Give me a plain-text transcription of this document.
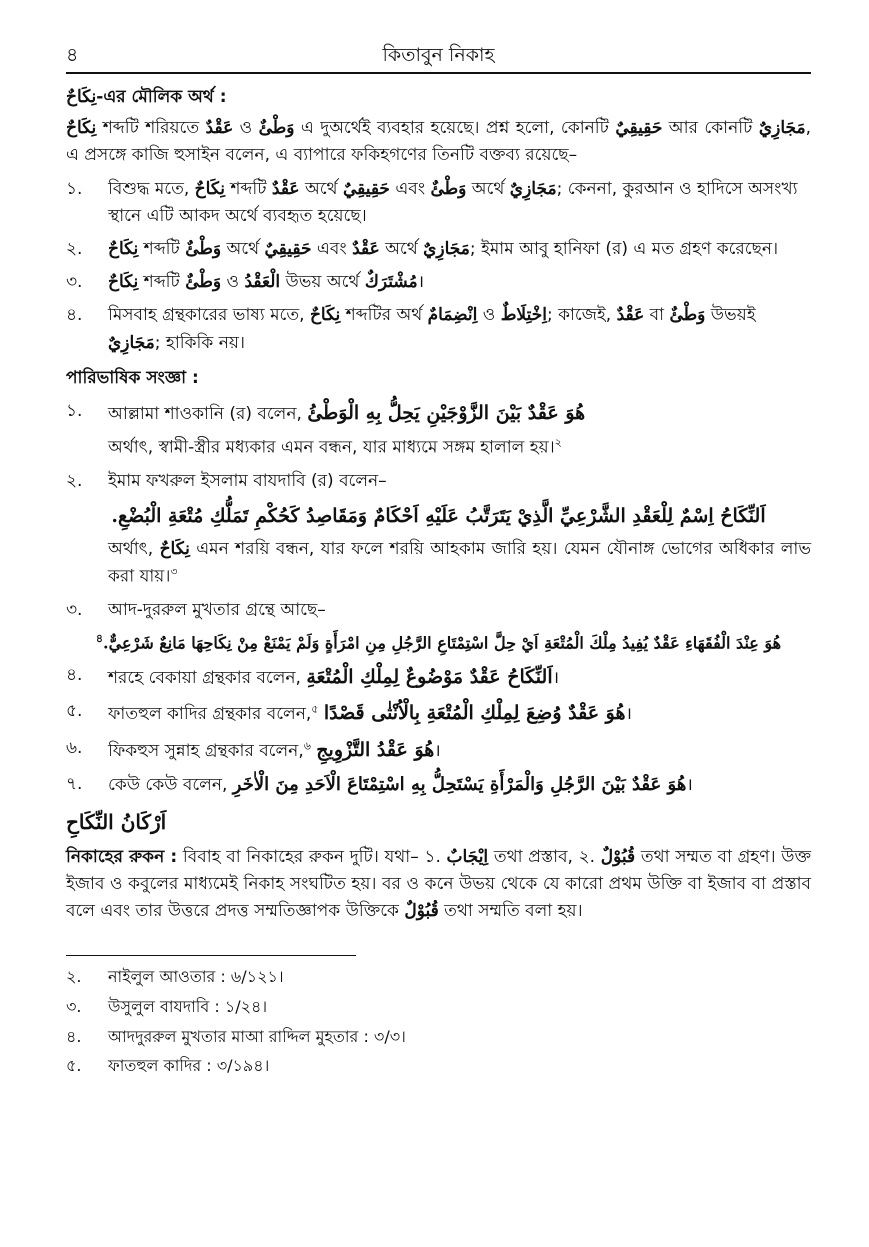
৪	কিতাবুন নিকাহ
نِكَاحٌ-এর মৌলিক অর্থ :

نِكَاحٌ শব্দটি শরিয়তে عَقْدٌ ও وَطْئٌ এ দুঅর্থেই ব্যবহার হয়েছে। প্রশ্ন হলো, কোনটি حَقِيقِيٌ আর কোনটি مَجَازِيٌ, এ প্রসঙ্গে কাজি হুসাইন বলেন, এ ব্যাপারে ফকিহগণের তিনটি বক্তব্য রয়েছে–

১.	বিশুদ্ধ মতে, نِكَاحٌ শব্দটি عَقْدٌ অর্থে حَقِيقِيٌ এবং وَطْئٌ অর্থে مَجَازِيٌ; কেননা, কুরআন ও হাদিসে অসংখ্য স্থানে এটি আকদ অর্থে ব্যবহৃত হয়েছে।
২.	نِكَاحٌ শব্দটি وَطْئٌ অর্থে حَقِيقِيٌ এবং عَقْدٌ অর্থে مَجَازِيٌ; ইমাম আবু হানিফা (র) এ মত গ্রহণ করেছেন।
৩.	نِكَاحٌ শব্দটি وَطْئٌ ও الْعَقْدُ উভয় অর্থে مُشْتَرَكٌ।
৪.	মিসবাহ গ্রন্থকারের ভাষ্য মতে, نِكَاحٌ শব্দটির অর্থ اِنْضِمَامٌ ও اِخْتِلَاطٌ; কাজেই, عَقْدٌ বা وَطْئٌ উভয়ই مَجَازِيٌ; হাকিকি নয়।
পারিভাষিক সংজ্ঞা :
১.	আল্লামা শাওকানি (র) বলেন, هُوَ عَقْدٌ بَيْنَ الزَّوْجَيْنِ يَحِلُّ بِهِ الْوَطْئُ
অর্থাৎ, স্বামী-স্ত্রীর মধ্যকার এমন বন্ধন, যার মাধ্যমে সঙ্গম হালাল হয়।$^২$
২.	ইমাম ফখরুল ইসলাম বাযদাবি (র) বলেন–
اَلنِّكَاحُ اِسْمٌ لِلْعَقْدِ الشَّرْعِيِّ الَّذِيْ يَتَرَتَّبُ عَلَيْهِ اَحْكَامٌ وَمَقَاصِدُ كَحُكْمِ تَمَلُّكِ مُتْعَةِ الْبُضْعِ.
অর্থাৎ, نِكَاحٌ এমন শরয়ি বন্ধন, যার ফলে শরয়ি আহকাম জারি হয়। যেমন যৌনাঙ্গ ভোগের অধিকার লাভ করা যায়।$^৩$
৩.	আদ-দুররুল মুখতার গ্রন্থে আছে–
هُوَ عِنْدَ الْفُقَهَاءِ عَقْدٌ يُفِيدُ مِلْكَ الْمُتْعَةِ اَيْ حِلَّ اسْتِمْتَاعِ الرَّجُلِ مِنِ امْرَأَةٍ وَلَمْ يَمْنَعْ مِنْ نِكَاحِهَا مَانِعٌ شَرْعِيٌّ.$^৪$
৪.	শরহে বেকায়া গ্রন্থকার বলেন, اَلنِّكَاحُ عَقْدٌ مَوْضُوعٌ لِمِلْكِ الْمُتْعَةِ।
৫.	ফাতহুল কাদির গ্রন্থকার বলেন,$^৫$ هُوَ عَقْدٌ وُضِعَ لِمِلْكِ الْمُتْعَةِ بِالْاُنْثٰى قَصْدًا।
৬.	ফিকহুস সুন্নাহ গ্রন্থকার বলেন,$^৬$ هُوَ عَقْدُ التَّزْوِيجِ।
৭.	কেউ কেউ বলেন, هُوَ عَقْدٌ بَيْنَ الرَّجُلِ وَالْمَرْأَةِ يَسْتَحِلُّ بِهِ اسْتِمْتَاعَ الْاَحَدِ مِنَ الْاٰخَرِ।
اَرْكَانُ النِّكَاحِ

নিকাহের রুকন : বিবাহ বা নিকাহের রুকন দুটি। যথা– ১. اِيْجَابٌ তথা প্রস্তাব, ২. قُبُوْلٌ তথা সম্মত বা গ্রহণ। উক্ত ইজাব ও কবুলের মাধ্যমেই নিকাহ সংঘটিত হয়। বর ও কনে উভয় থেকে যে কারো প্রথম উক্তি বা ইজাব বা প্রস্তাব বলে এবং তার উত্তরে প্রদত্ত সম্মতিজ্ঞাপক উক্তিকে قُبُوْلٌ তথা সম্মতি বলা হয়।

২.	নাইলুল আওতার : ৬/১২১।
৩.	উসুলুল বাযদাবি : ১/২৪।
৪.	আদদুররুল মুখতার মাআ রাদ্দিল মুহতার : ৩/৩।
৫.	ফাতহুল কাদির : ৩/১৯৪।
